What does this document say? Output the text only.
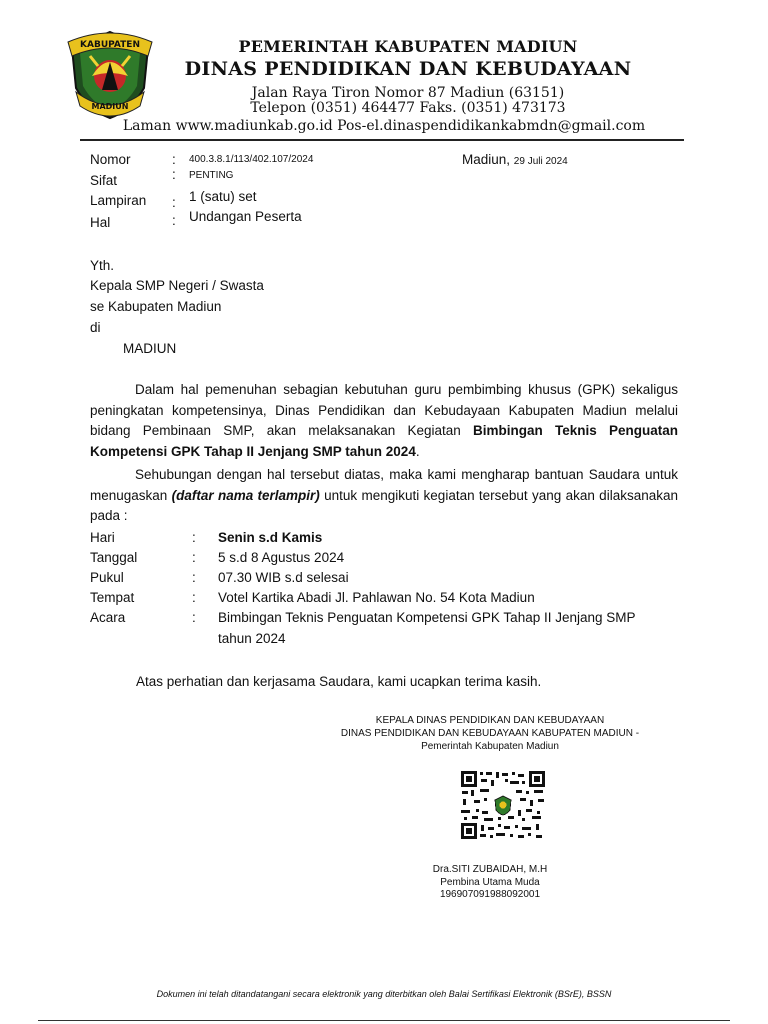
KABUPATEN
MADIUN
PEMERINTAH KABUPATEN MADIUN
DINAS PENDIDIKAN DAN KEBUDAYAAN
Jalan Raya Tiron Nomor 87 Madiun (63151)
Telepon (0351) 464477 Faks. (0351) 473173
Laman www.madiunkab.go.id Pos-el.dinaspendidikankabmdn@gmail.com
Nomor	: 400.3.8.1/113/402.107/2024
Sifat	: PENTING
Lampiran : 1 (satu) set
Hal	: Undangan Peserta
Madiun, 29 Juli 2024
Yth.
Kepala SMP Negeri / Swasta
se Kabupaten Madiun
di
MADIUN
Dalam hal pemenuhan sebagian kebutuhan guru pembimbing khusus (GPK) sekaligus peningkatan kompetensinya, Dinas Pendidikan dan Kebudayaan Kabupaten Madiun melalui bidang Pembinaan SMP, akan melaksanakan Kegiatan Bimbingan Teknis Penguatan Kompetensi GPK Tahap II Jenjang SMP tahun 2024.
Sehubungan dengan hal tersebut diatas, maka kami mengharap bantuan Saudara untuk menugaskan (daftar nama terlampir) untuk mengikuti kegiatan tersebut yang akan dilaksanakan pada :
Hari	: Senin s.d Kamis
Tanggal	: 5 s.d 8 Agustus 2024
Pukul	: 07.30 WIB s.d selesai
Tempat	: Votel Kartika Abadi Jl. Pahlawan No. 54 Kota Madiun
Acara	: Bimbingan Teknis Penguatan Kompetensi GPK Tahap II Jenjang SMP tahun 2024
Atas perhatian dan kerjasama Saudara, kami ucapkan terima kasih.
KEPALA DINAS PENDIDIKAN DAN KEBUDAYAAN
DINAS PENDIDIKAN DAN KEBUDAYAAN KABUPATEN MADIUN -
Pemerintah Kabupaten Madiun
Dra.SITI ZUBAIDAH, M.H
Pembina Utama Muda
196907091988092001
Dokumen ini telah ditandatangani secara elektronik yang diterbitkan oleh Balai Sertifikasi Elektronik (BSrE), BSSN
